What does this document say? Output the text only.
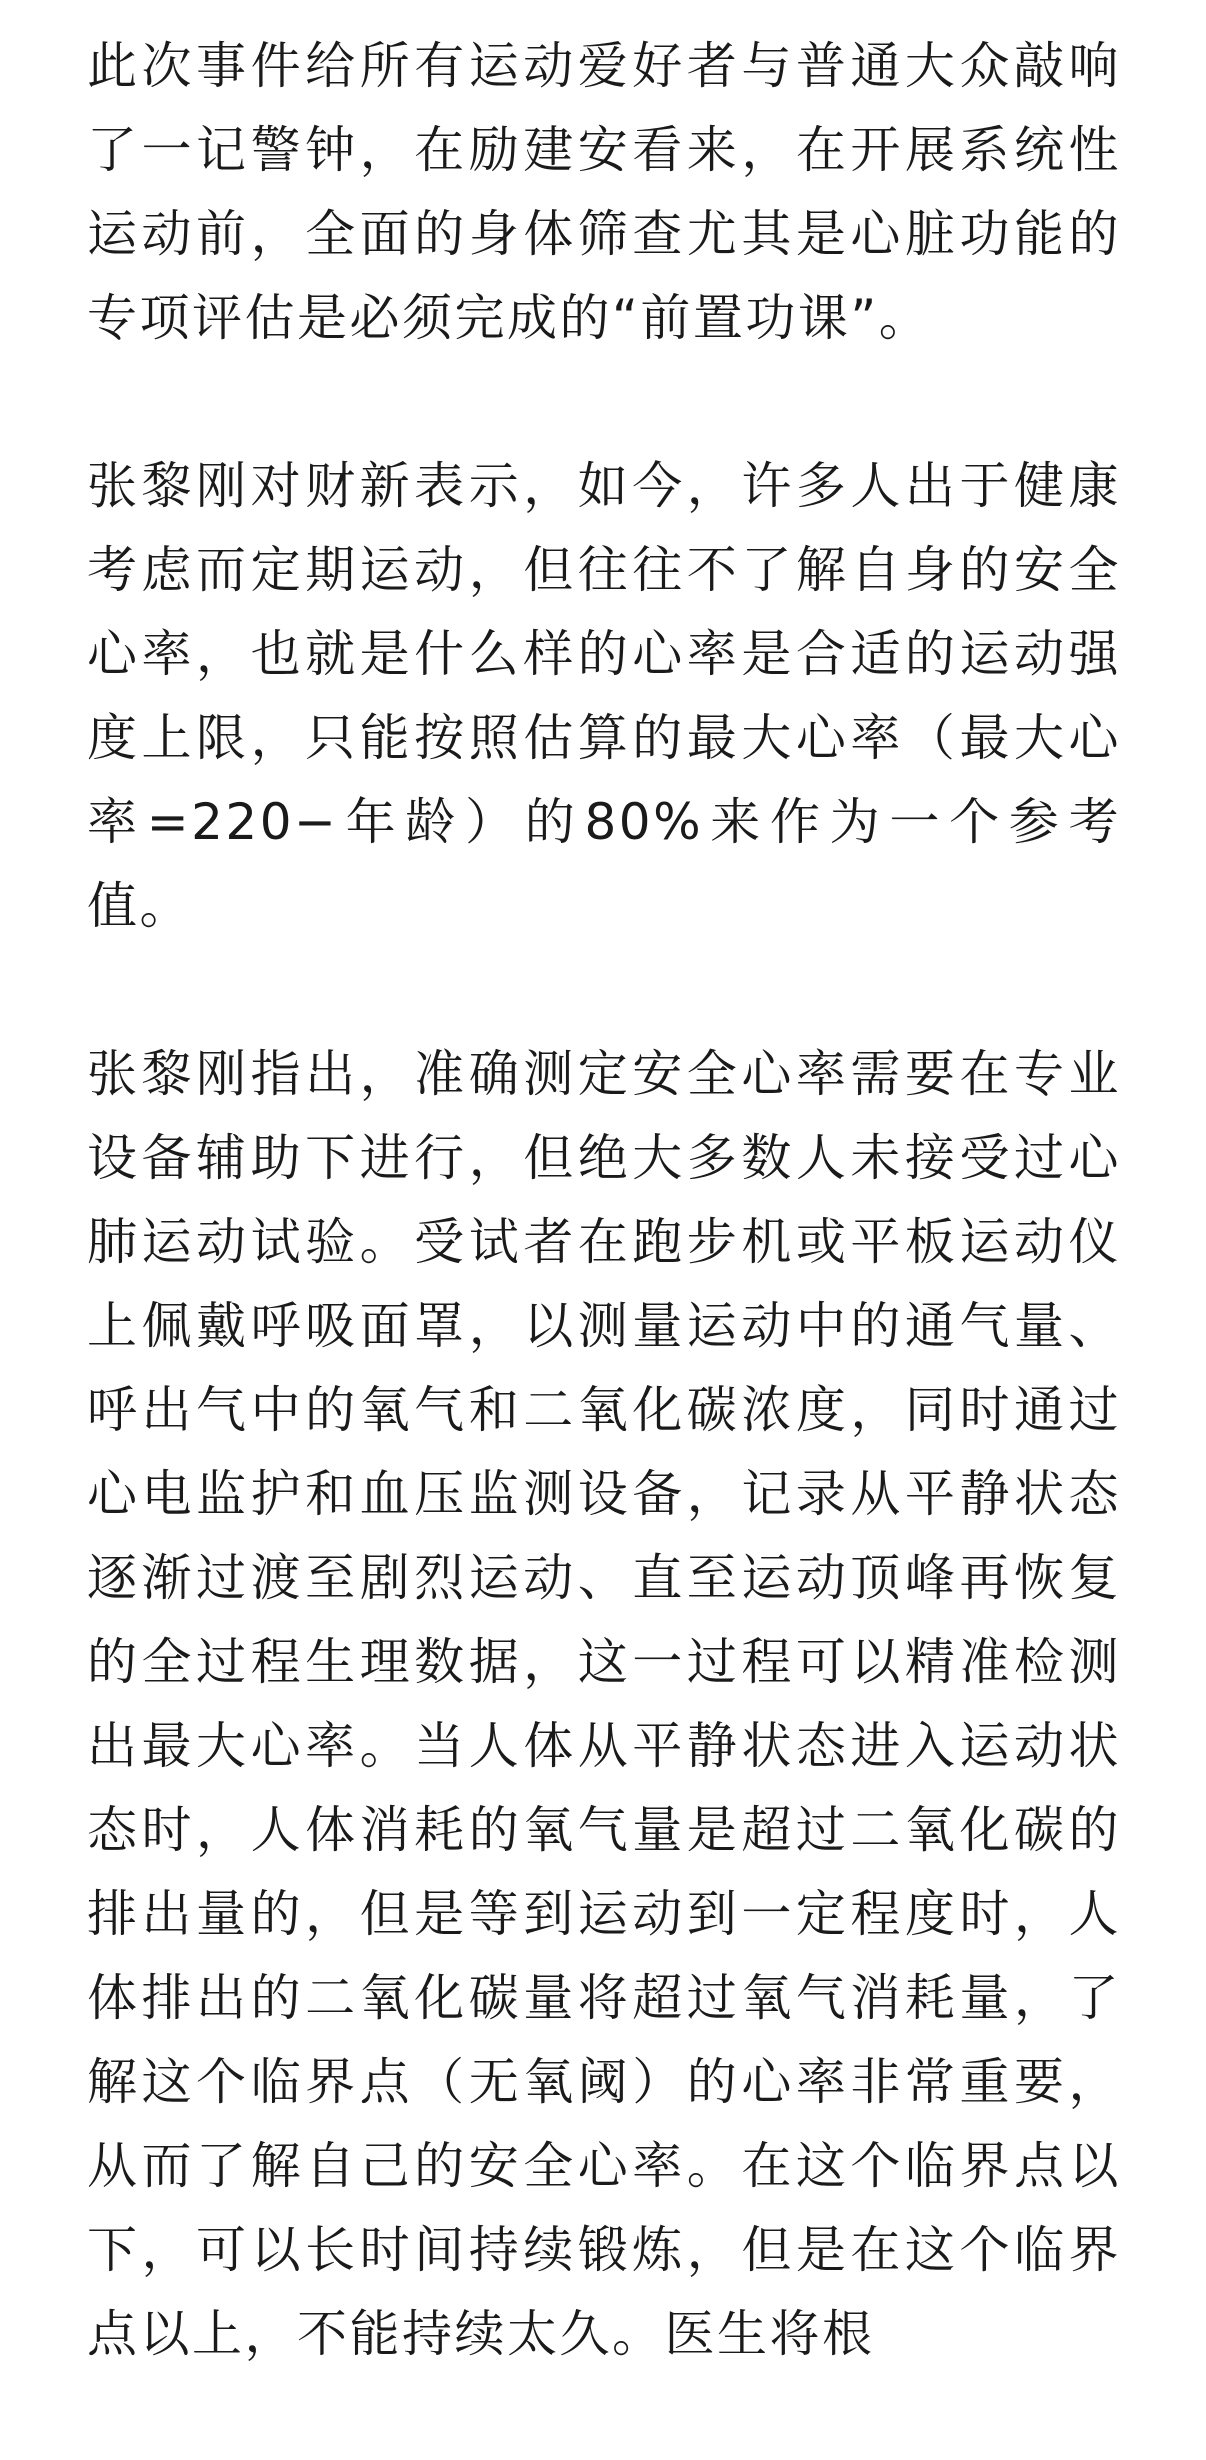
此次事件给所有运动爱好者与普通大众敲响了一记警钟，在励建安看来，在开展系统性运动前，全面的身体筛查尤其是心脏功能的专项评估是必须完成的“前置功课”。

张黎刚对财新表示，如今，许多人出于健康考虑而定期运动，但往往不了解自身的安全心率，也就是什么样的心率是合适的运动强度上限，只能按照估算的最大心率（最大心率=220−年龄）的80%来作为一个参考值。

张黎刚指出，准确测定安全心率需要在专业设备辅助下进行，但绝大多数人未接受过心肺运动试验。受试者在跑步机或平板运动仪上佩戴呼吸面罩，以测量运动中的通气量、呼出气中的氧气和二氧化碳浓度，同时通过心电监护和血压监测设备，记录从平静状态逐渐过渡至剧烈运动、直至运动顶峰再恢复的全过程生理数据，这一过程可以精准检测出最大心率。当人体从平静状态进入运动状态时，人体消耗的氧气量是超过二氧化碳的排出量的，但是等到运动到一定程度时，人体排出的二氧化碳量将超过氧气消耗量，了解这个临界点（无氧阈）的心率非常重要，从而了解自己的安全心率。在这个临界点以下，可以长时间持续锻炼，但是在这个临界点以上，不能持续太久。医生将根
